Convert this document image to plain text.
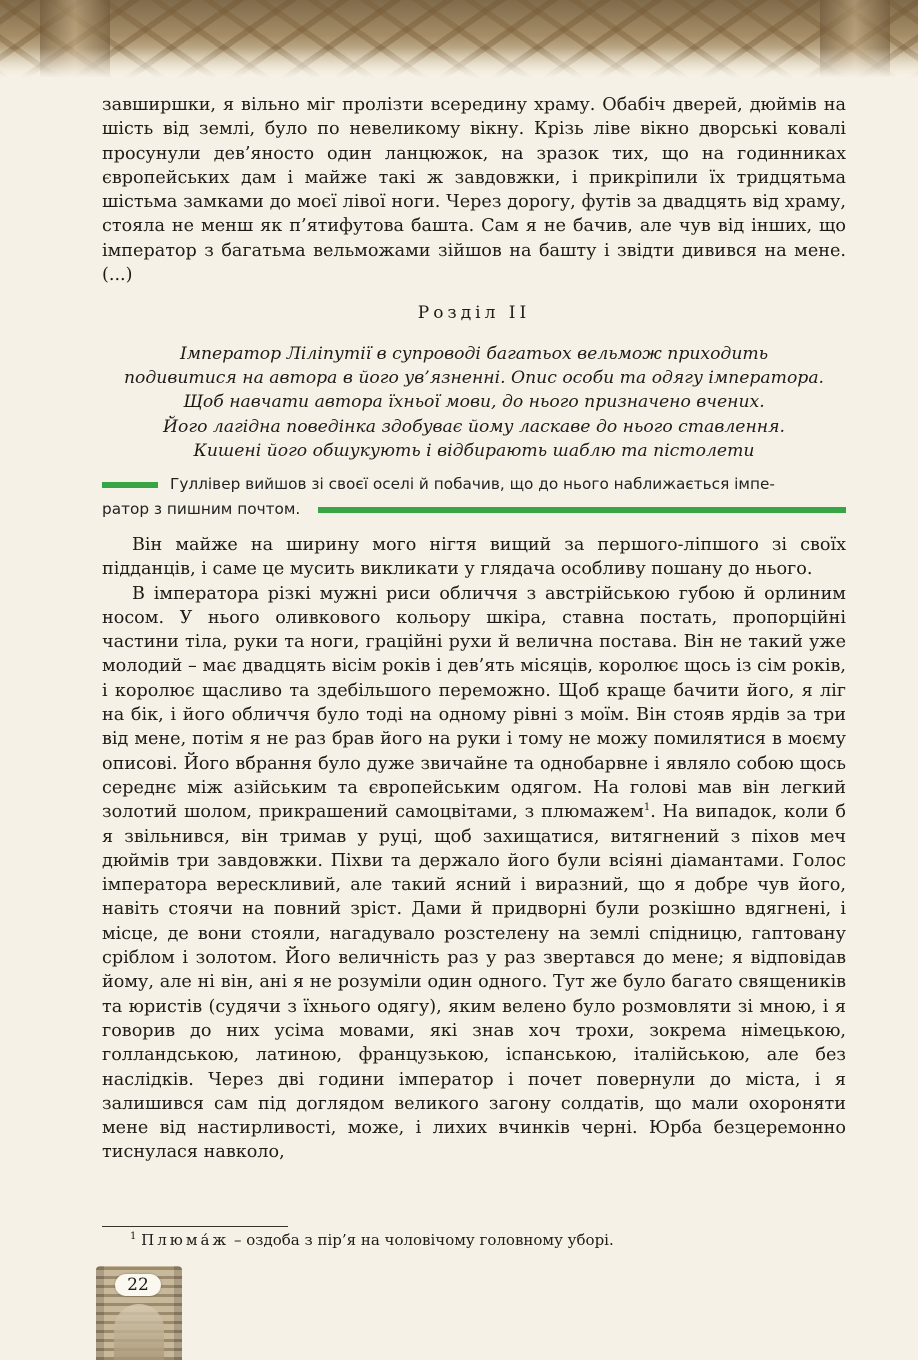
завширшки, я вільно міг пролізти всередину храму. Обабіч дверей, дюймів на шість від землі, було по невеликому вікну. Крізь ліве вікно дворські ковалі просунули дев’яносто один ланцюжок, на зразок тих, що на годинниках європейських дам і майже такі ж завдовжки, і прикріпили їх тридцятьма шістьма замками до моєї лівої ноги. Через дорогу, футів за двадцять від храму, стояла не менш як п’ятифутова башта. Сам я не бачив, але чув від інших, що імператор з багатьма вельможами зійшов на башту і звідти дивився на мене. (...)

Розділ II
Імператор Ліліпутії в супроводі багатьох вельмож приходить
подивитися на автора в його ув’язненні. Опис особи та одягу імператора.
Щоб навчати автора їхньої мови, до нього призначено вчених.
Його лагідна поведінка здобуває йому ласкаве до нього ставлення.
Кишені його обшукують і відбирають шаблю та пістолети
Гуллівер вийшов зі своєї оселі й побачив, що до нього наближається імпе-
ратор з пишним почтом.

Він майже на ширину мого нігтя вищий за першого-ліпшого зі своїх підданців, і саме це мусить викликати у глядача особливу пошану до нього.

В імператора різкі мужні риси обличчя з австрійською губою й орлиним носом. У нього оливкового кольору шкіра, ставна постать, пропорційні частини тіла, руки та ноги, граційні рухи й велична постава. Він не такий уже молодий – має двадцять вісім років і дев’ять місяців, королює щось із сім років, і королює щасливо та здебільшого переможно. Щоб краще бачити його, я ліг на бік, і його обличчя було тоді на одному рівні з моїм. Він стояв ярдів за три від мене, потім я не раз брав його на руки і тому не можу помилятися в моєму описові. Його вбрання було дуже звичайне та однобарвне і являло собою щось середнє між азійським та європейським одягом. На голові мав він легкий золотий шолом, прикрашений самоцвітами, з плюмажем$^1$. На випадок, коли б я звільнився, він тримав у руці, щоб захищатися, витягнений з піхов меч дюймів три завдовжки. Піхви та держало його були всіяні діамантами. Голос імператора верескливий, але такий ясний і виразний, що я добре чув його, навіть стоячи на повний зріст. Дами й придворні були розкішно вдягнені, і місце, де вони стояли, нагадувало розстелену на землі спідницю, гаптовану сріблом і золотом. Його величність раз у раз звертався до мене; я відповідав йому, але ні він, ані я не розуміли один одного. Тут же було багато священиків та юристів (судячи з їхнього одягу), яким велено було розмовляти зі мною, і я говорив до них усіма мовами, які знав хоч трохи, зокрема німецькою, голландською, латиною, французькою, іспанською, італійською, але без наслідків. Через дві години імператор і почет повернули до міста, і я залишився сам під доглядом великого загону солдатів, що мали охороняти мене від настирливості, може, і лихих вчинків черні. Юрба безцеремонно тиснулася навколо,

$^1$ Плюма́ж – оздоба з пір’я на чоловічому головному уборі.
22
